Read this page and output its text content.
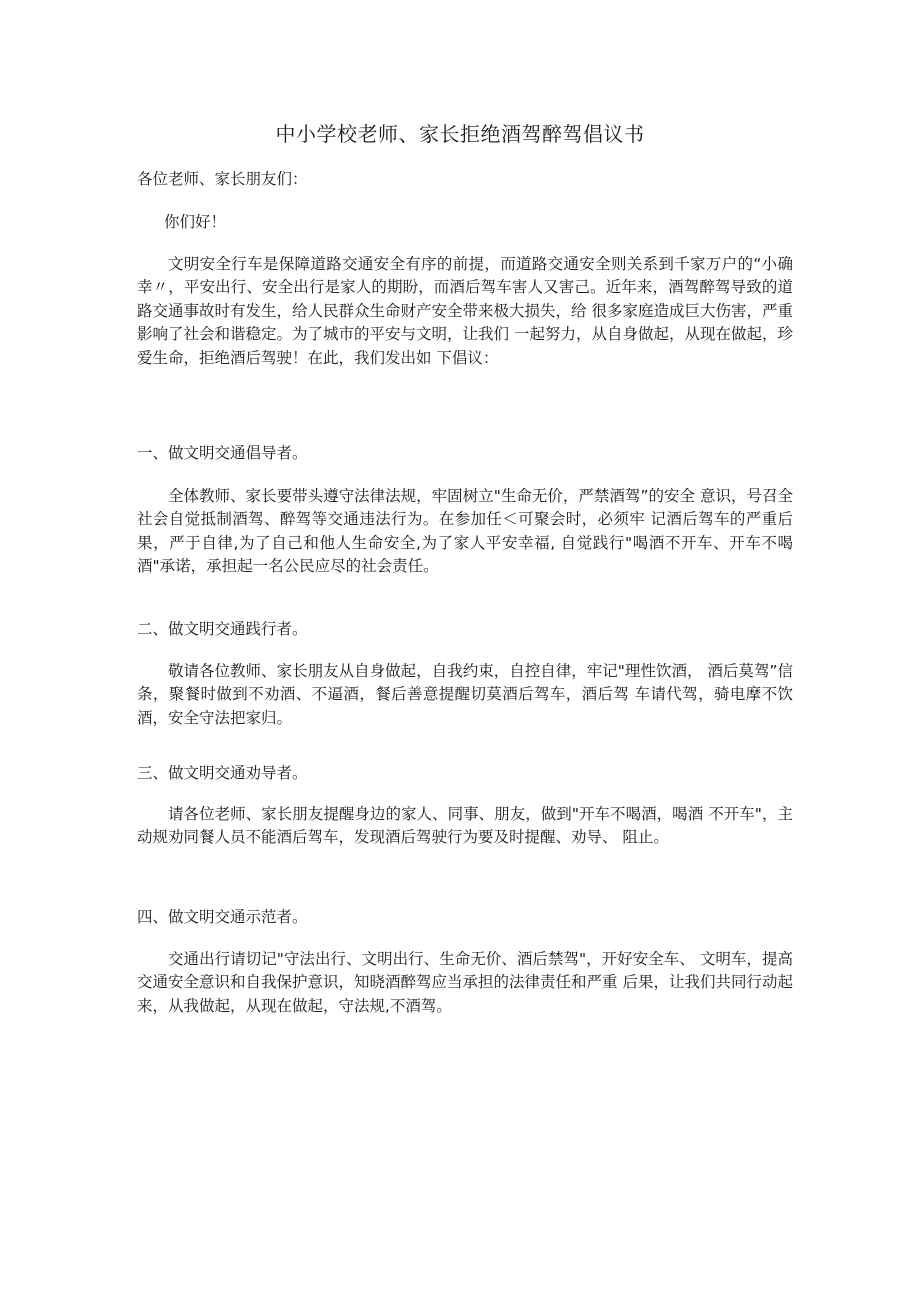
中小学校老师、家长拒绝酒驾醉驾倡议书

各位老师、家长朋友们：

你们好！

文明安全行车是保障道路交通安全有序的前提，而道路交通安全则关系到千家万户的“小确幸〃，平安出行、安全出行是家人的期盼，而酒后驾车害人又害己。近年来，酒驾醉驾导致的道路交通事故时有发生，给人民群众生命财产安全带来极大损失，给 很多家庭造成巨大伤害，严重影响了社会和谐稳定。为了城市的平安与文明，让我们 一起努力，从自身做起，从现在做起，珍爱生命，拒绝酒后驾驶！在此，我们发出如 下倡议：

一、做文明交通倡导者。

全体教师、家长要带头遵守法律法规，牢固树立"生命无价，严禁酒驾”的安全 意识，号召全社会自觉抵制酒驾、醉驾等交通违法行为。在参加任＜可聚会时，必须牢 记酒后驾车的严重后果，严于自律,为了自己和他人生命安全,为了家人平安幸福, 自觉践行"喝酒不开车、开车不喝酒"承诺，承担起一名公民应尽的社会责任。

二、做文明交通践行者。

敬请各位教师、家长朋友从自身做起，自我约束，自控自律，牢记"理性饮酒， 酒后莫驾”信条，聚餐时做到不劝酒、不逼酒，餐后善意提醒切莫酒后驾车，酒后驾 车请代驾，骑电摩不饮酒，安全守法把家归。

三、做文明交通劝导者。

请各位老师、家长朋友提醒身边的家人、同事、朋友，做到"开车不喝酒，喝酒 不开车"，主动规劝同餐人员不能酒后驾车，发现酒后驾驶行为要及时提醒、劝导、 阻止。

四、做文明交通示范者。

交通出行请切记"守法出行、文明出行、生命无价、酒后禁驾"，开好安全车、 文明车，提高交通安全意识和自我保护意识，知晓酒醉驾应当承担的法律责任和严重 后果，让我们共同行动起来，从我做起，从现在做起，守法规,不酒驾。
